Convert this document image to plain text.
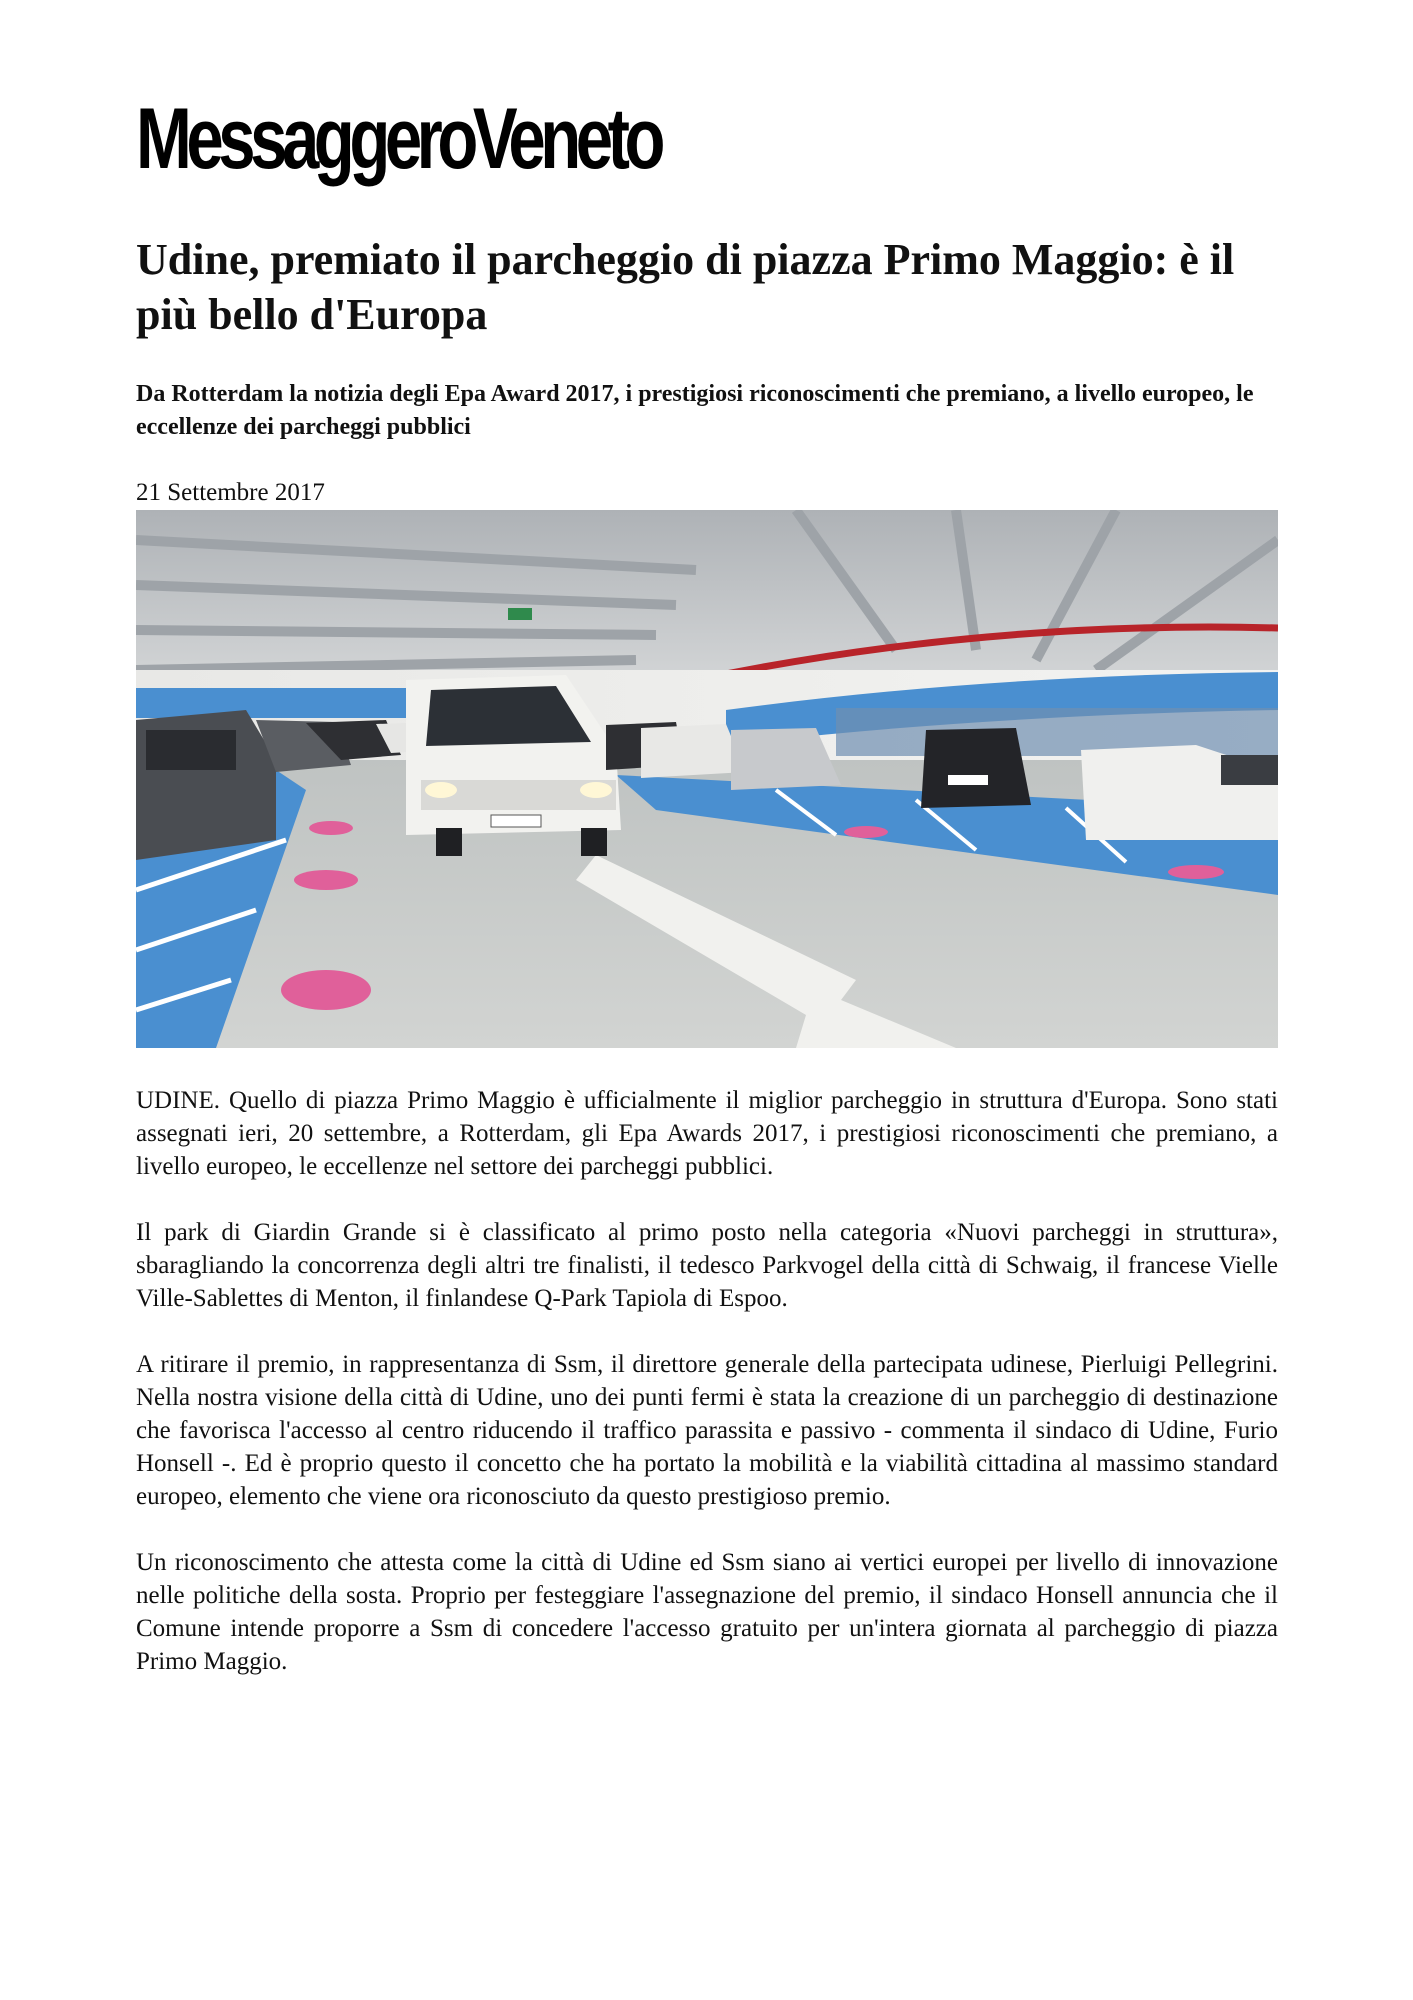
MessaggeroVeneto
Udine, premiato il parcheggio di piazza Primo Maggio: è il più bello d'Europa
Da Rotterdam la notizia degli Epa Award 2017, i prestigiosi riconoscimenti che premiano, a livello europeo, le eccellenze dei parcheggi pubblici
21 Settembre 2017

UDINE. Quello di piazza Primo Maggio è ufficialmente il miglior parcheggio in struttura d'Europa. Sono stati assegnati ieri, 20 settembre, a Rotterdam, gli Epa Awards 2017, i prestigiosi riconoscimenti che premiano, a livello europeo, le eccellenze nel settore dei parcheggi pubblici.

Il park di Giardin Grande si è classificato al primo posto nella categoria «Nuovi parcheggi in struttura», sbaragliando la concorrenza degli altri tre finalisti, il tedesco Parkvogel della città di Schwaig, il francese Vielle Ville-Sablettes di Menton, il finlandese Q-Park Tapiola di Espoo.

A ritirare il premio, in rappresentanza di Ssm, il direttore generale della partecipata udinese, Pierluigi Pellegrini. Nella nostra visione della città di Udine, uno dei punti fermi è stata la creazione di un parcheggio di destinazione che favorisca l'accesso al centro riducendo il traffico parassita e passivo - commenta il sindaco di Udine, Furio Honsell -. Ed è proprio questo il concetto che ha portato la mobilità e la viabilità cittadina al massimo standard europeo, elemento che viene ora riconosciuto da questo prestigioso premio.

Un riconoscimento che attesta come la città di Udine ed Ssm siano ai vertici europei per livello di innovazione nelle politiche della sosta. Proprio per festeggiare l'assegnazione del premio, il sindaco Honsell annuncia che il Comune intende proporre a Ssm di concedere l'accesso gratuito per un'intera giornata al parcheggio di piazza Primo Maggio.
